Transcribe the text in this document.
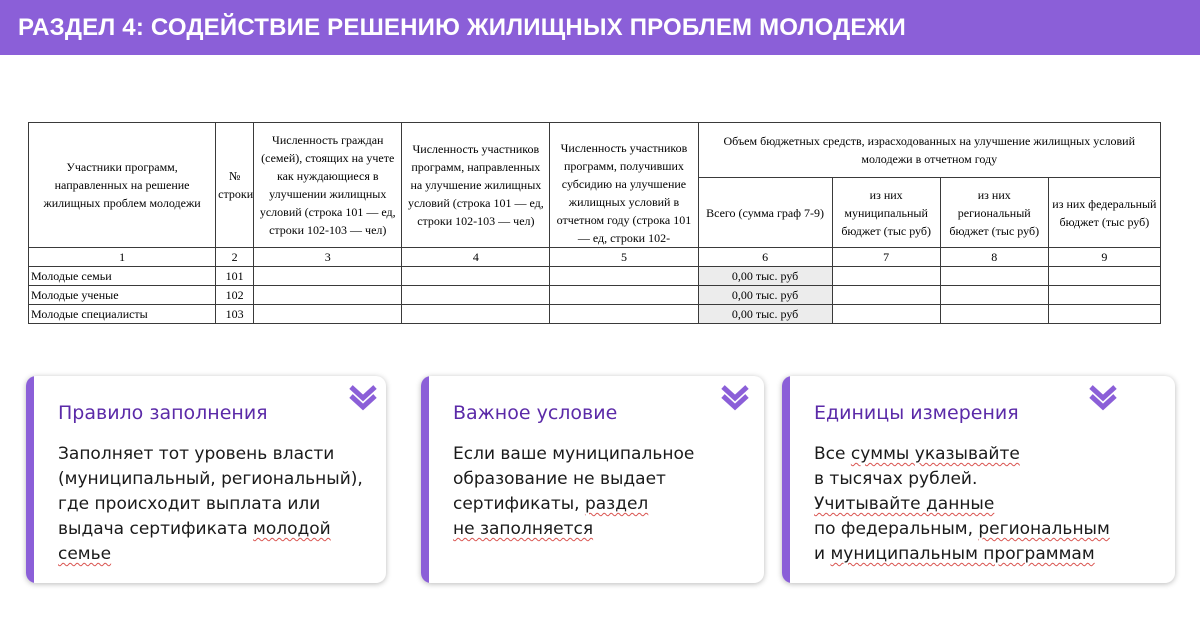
РАЗДЕЛ 4: СОДЕЙСТВИЕ РЕШЕНИЮ ЖИЛИЩНЫХ ПРОБЛЕМ МОЛОДЕЖИ
Участники программ, направленных на решение жилищных проблем молодежи	№ строки	Численность граждан (семей), стоящих на учете как нуждающиеся в улучшении жилищных условий (строка 101 — ед, строки 102-103 — чел)	Численность участников программ, направленных на улучшение жилищных условий (строка 101 — ед, строки 102-103 — чел)	Численность участников программ, получивших субсидию на улучшение жилищных условий в отчетном году (строка 101 — ед, строки 102-	Объем бюджетных средств, израсходованных на улучшение жилищных условий молодежи в отчетном году			
					Всего (сумма граф 7-9)	из них муниципальный бюджет (тыс руб)	из них региональный бюджет (тыс руб)	из них федеральный бюджет (тыс руб)
1	2	3	4	5	6	7	8	9
Молодые семьи	101				0,00 тыс. руб			
Молодые ученые	102				0,00 тыс. руб			
Молодые специалисты	103				0,00 тыс. руб			
Правило заполнения

Заполняет тот уровень власти
(муниципальный, региональный),
где происходит выплата или
выдача сертификата молодой
семье

Важное условие

Если ваше муниципальное
образование не выдает
сертификаты, раздел
не заполняется

Единицы измерения

Все суммы указывайте
в тысячах рублей.
Учитывайте данные
по федеральным, региональным
и муниципальным программам
